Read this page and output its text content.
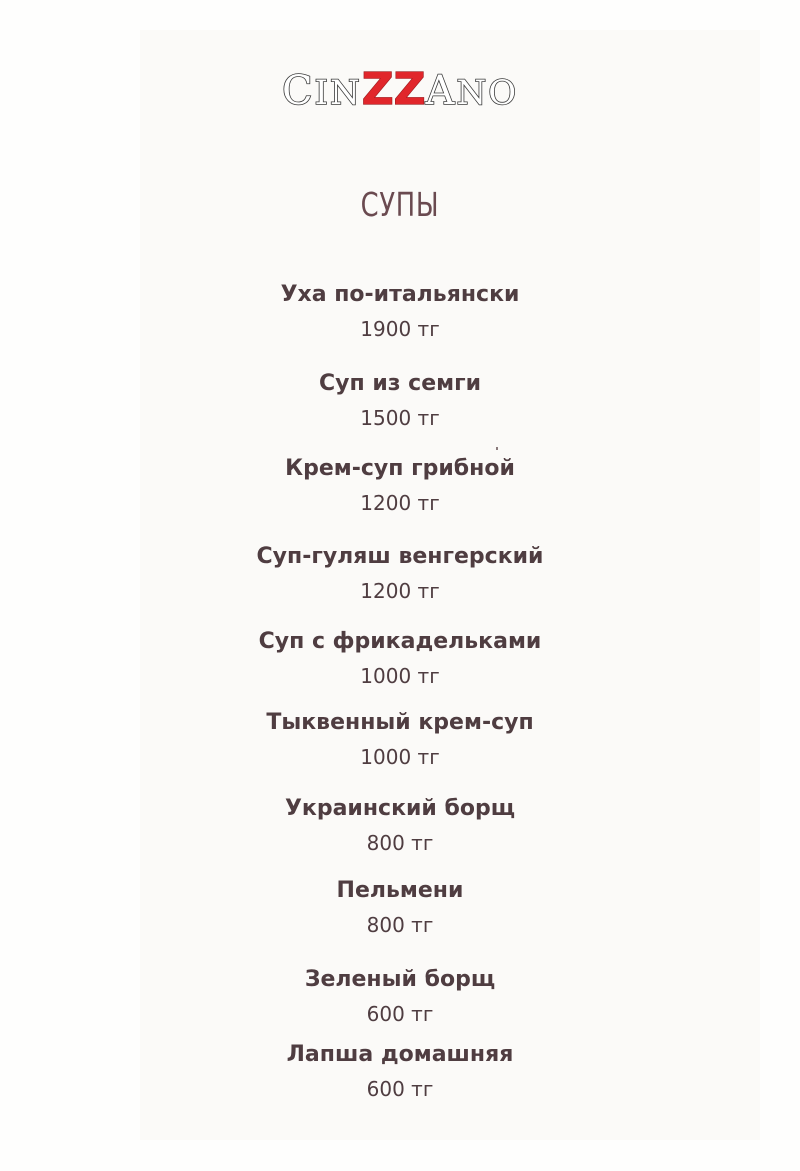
CINZZANO
СУПЫ
Уха по-итальянски
1900 тг
Суп из семги
1500 тг
Крем-суп грибной
1200 тг
Суп-гуляш венгерский
1200 тг
Суп с фрикадельками
1000 тг
Тыквенный крем-суп
1000 тг
Украинский борщ
800 тг
Пельмени
800 тг
Зеленый борщ
600 тг
Лапша домашняя
600 тг
